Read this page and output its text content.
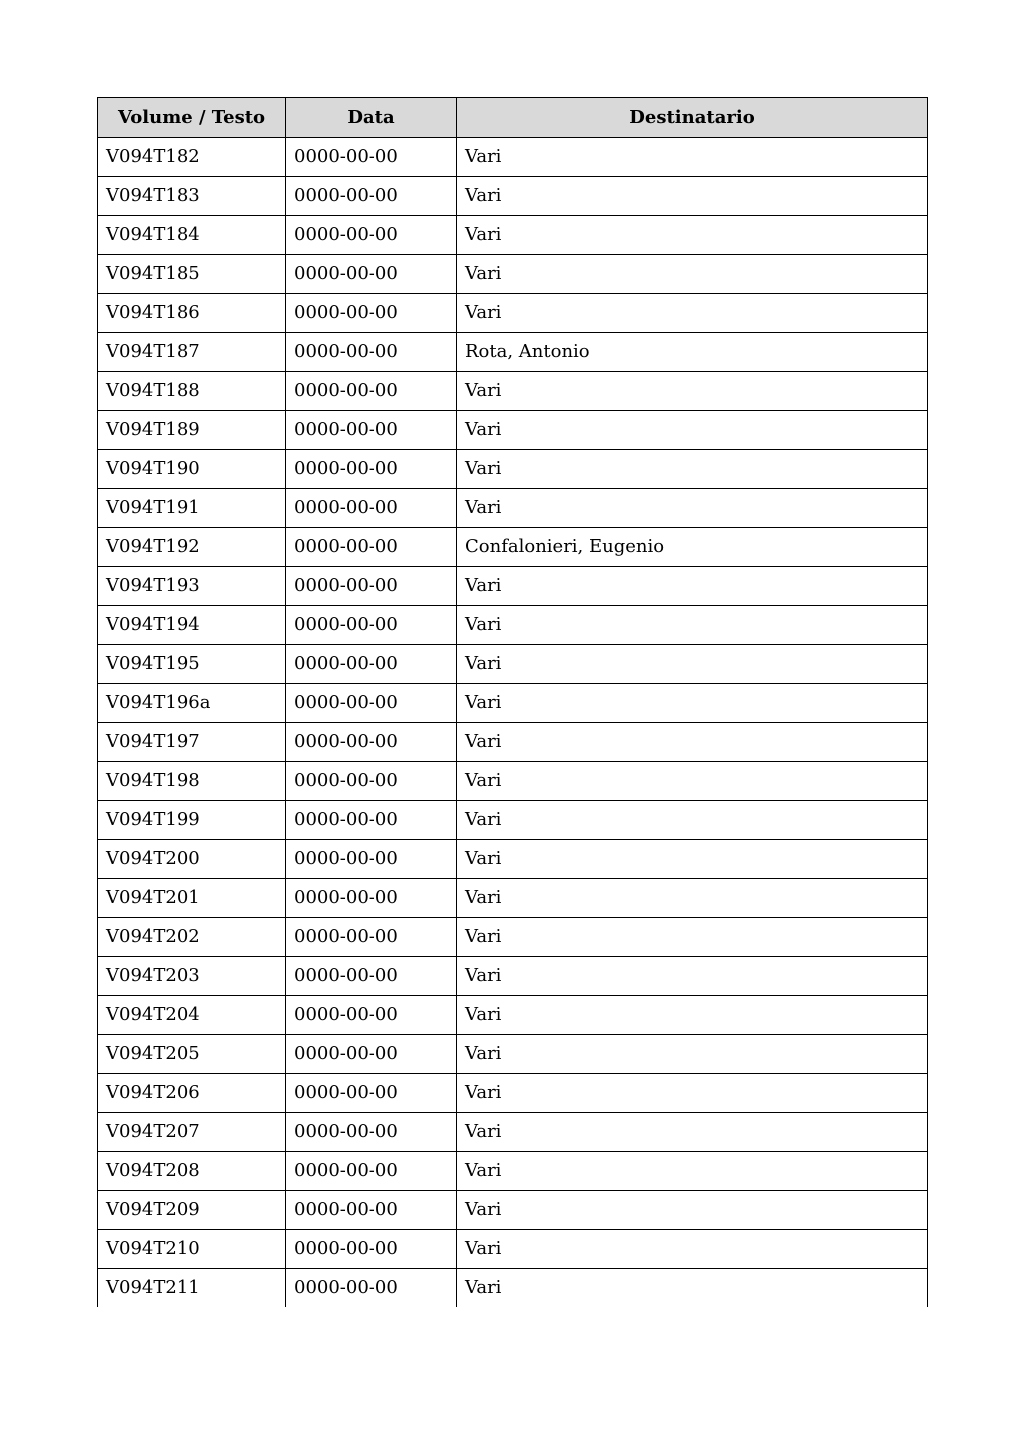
Volume / Testo	Data	Destinatario
V094T182	0000-00-00	Vari
V094T183	0000-00-00	Vari
V094T184	0000-00-00	Vari
V094T185	0000-00-00	Vari
V094T186	0000-00-00	Vari
V094T187	0000-00-00	Rota, Antonio
V094T188	0000-00-00	Vari
V094T189	0000-00-00	Vari
V094T190	0000-00-00	Vari
V094T191	0000-00-00	Vari
V094T192	0000-00-00	Confalonieri, Eugenio
V094T193	0000-00-00	Vari
V094T194	0000-00-00	Vari
V094T195	0000-00-00	Vari
V094T196a	0000-00-00	Vari
V094T197	0000-00-00	Vari
V094T198	0000-00-00	Vari
V094T199	0000-00-00	Vari
V094T200	0000-00-00	Vari
V094T201	0000-00-00	Vari
V094T202	0000-00-00	Vari
V094T203	0000-00-00	Vari
V094T204	0000-00-00	Vari
V094T205	0000-00-00	Vari
V094T206	0000-00-00	Vari
V094T207	0000-00-00	Vari
V094T208	0000-00-00	Vari
V094T209	0000-00-00	Vari
V094T210	0000-00-00	Vari
V094T211	0000-00-00	Vari
